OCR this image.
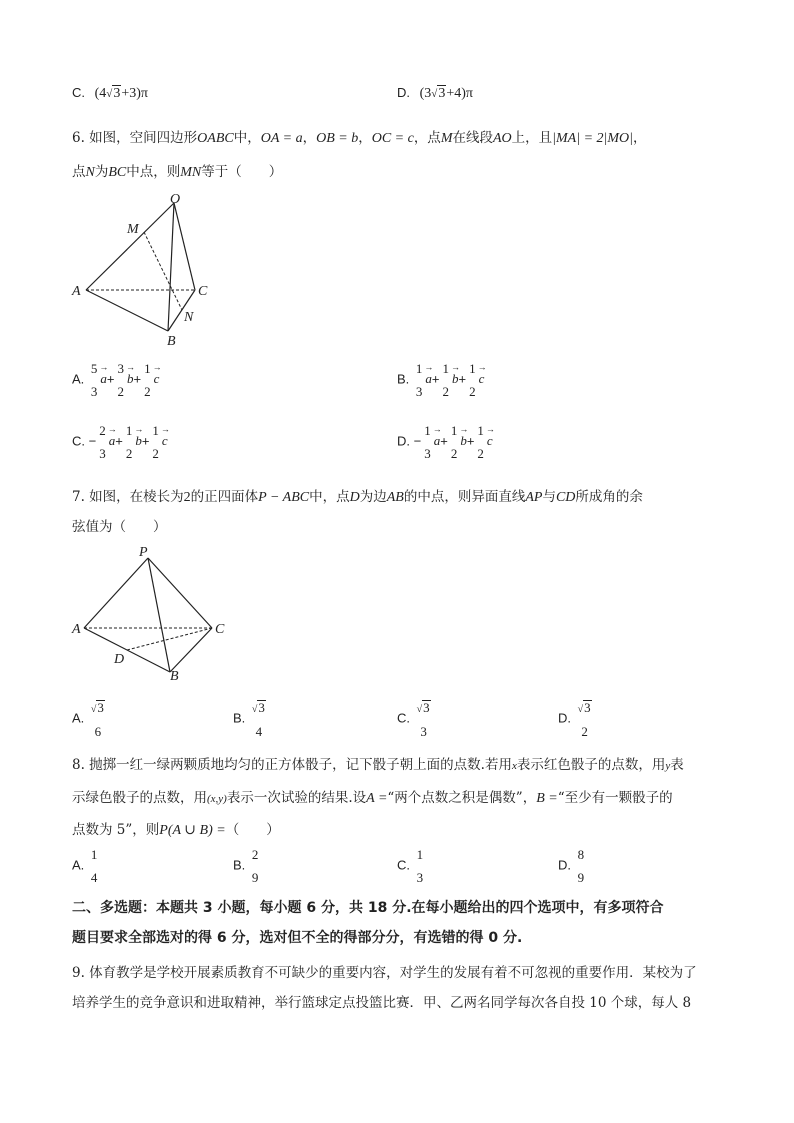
C. (4√3+3)π	D. (3√3+4)π
6. 如图，空间四边形OABC中，OA = a，OB = b，OC = c，点M在线段AO上，且|MA| = 2|MO|，
点N为BC中点，则MN等于（　　）
O
M
A	C
N
B
A.
5
3
→ a+
3
2
→ b+
1
2
→ c	B.
1
3
→ a+
1
2
→ b+
1
2
→ c
C. −
2
3
→ a+
1
2
→ b+
1
2
→ c	D. −
1
3
→ a+
1
2
→ b+
1
2
→ c
7. 如图，在棱长为2的正四面体P − ABC中，点D为边AB的中点，则异面直线AP与CD所成角的余
弦值为（　　）
P
A	C
D
B
A.
√3
6
B.
√3
4
C.
√3
3
D.
√3
2
8. 抛掷一红一绿两颗质地均匀的正方体骰子，记下骰子朝上面的点数.若用x表示红色骰子的点数，用y表
示绿色骰子的点数，用(x,y)表示一次试验的结果.设A =“两个点数之积是偶数”，B =“至少有一颗骰子的
点数为 5”，则P(A ∪ B) =（　　）
A.
1
4
B.
2
9
C.
1
3
D.
8
9
二、多选题：本题共 3 小题，每小题 6 分，共 18 分.在每小题给出的四个选项中，有多项符合
题目要求全部选对的得 6 分，选对但不全的得部分分，有选错的得 0 分.
9. 体育教学是学校开展素质教育不可缺少的重要内容，对学生的发展有着不可忽视的重要作用．某校为了
培养学生的竞争意识和进取精神，举行篮球定点投篮比赛．甲、乙两名同学每次各自投 10 个球，每人 8
